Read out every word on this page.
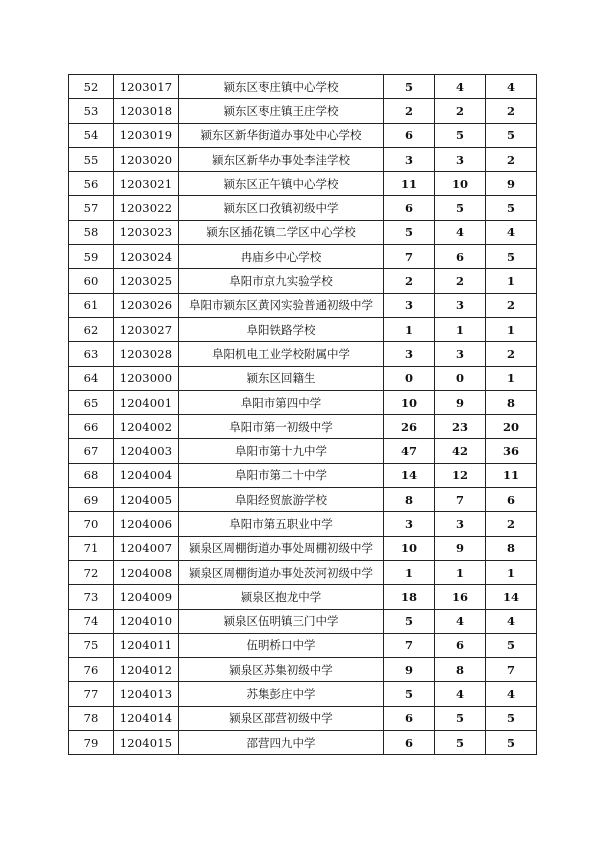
52	1203017	颍东区枣庄镇中心学校	5	4	4
53	1203018	颍东区枣庄镇王庄学校	2	2	2
54	1203019	颍东区新华街道办事处中心学校	6	5	5
55	1203020	颍东区新华办事处李洼学校	3	3	2
56	1203021	颍东区正午镇中心学校	11	10	9
57	1203022	颍东区口孜镇初级中学	6	5	5
58	1203023	颍东区插花镇二学区中心学校	5	4	4
59	1203024	冉庙乡中心学校	7	6	5
60	1203025	阜阳市京九实验学校	2	2	1
61	1203026	阜阳市颍东区黄冈实验普通初级中学	3	3	2
62	1203027	阜阳铁路学校	1	1	1
63	1203028	阜阳机电工业学校附属中学	3	3	2
64	1203000	颍东区回籍生	0	0	1
65	1204001	阜阳市第四中学	10	9	8
66	1204002	阜阳市第一初级中学	26	23	20
67	1204003	阜阳市第十九中学	47	42	36
68	1204004	阜阳市第二十中学	14	12	11
69	1204005	阜阳经贸旅游学校	8	7	6
70	1204006	阜阳市第五职业中学	3	3	2
71	1204007	颍泉区周棚街道办事处周棚初级中学	10	9	8
72	1204008	颍泉区周棚街道办事处茨河初级中学	1	1	1
73	1204009	颍泉区抱龙中学	18	16	14
74	1204010	颍泉区伍明镇三门中学	5	4	4
75	1204011	伍明桥口中学	7	6	5
76	1204012	颍泉区苏集初级中学	9	8	7
77	1204013	苏集彭庄中学	5	4	4
78	1204014	颍泉区邵营初级中学	6	5	5
79	1204015	邵营四九中学	6	5	5
